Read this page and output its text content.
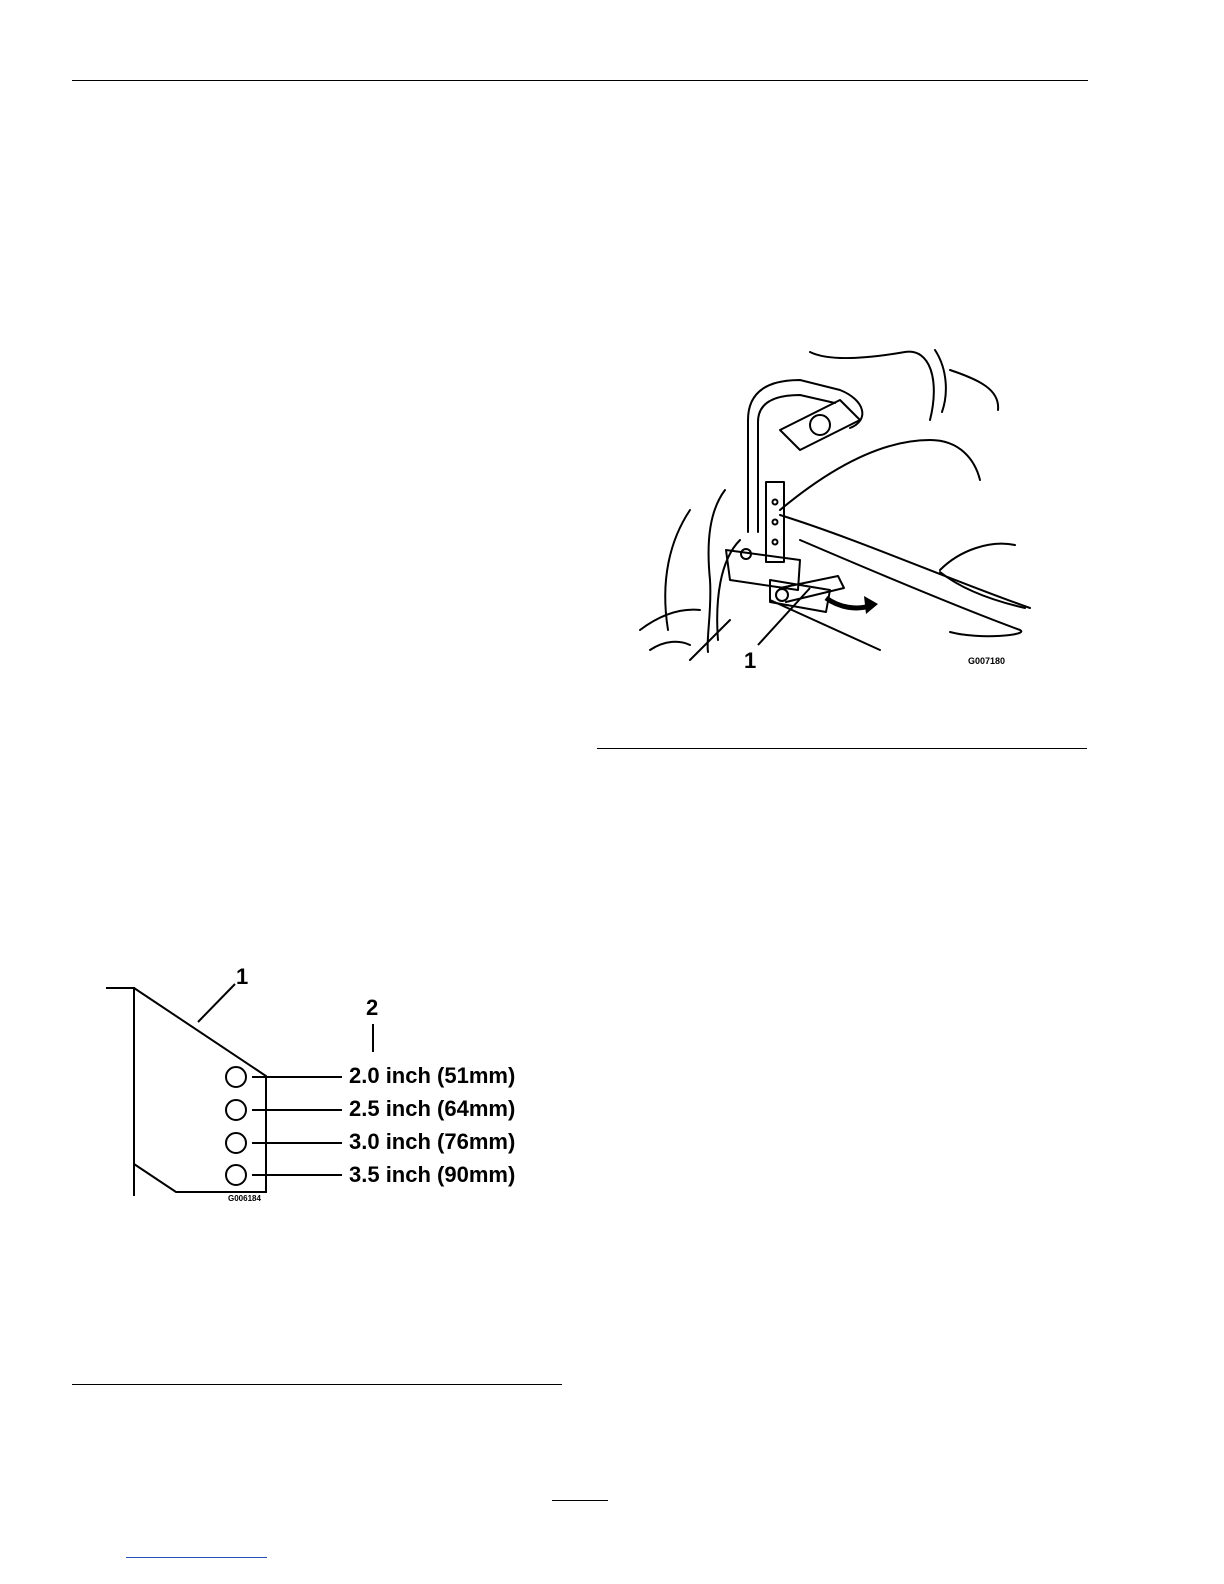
1	G007180
1
2
2.0 inch (51mm)
2.5 inch (64mm)
3.0 inch (76mm)
3.5 inch (90mm)
G006184
